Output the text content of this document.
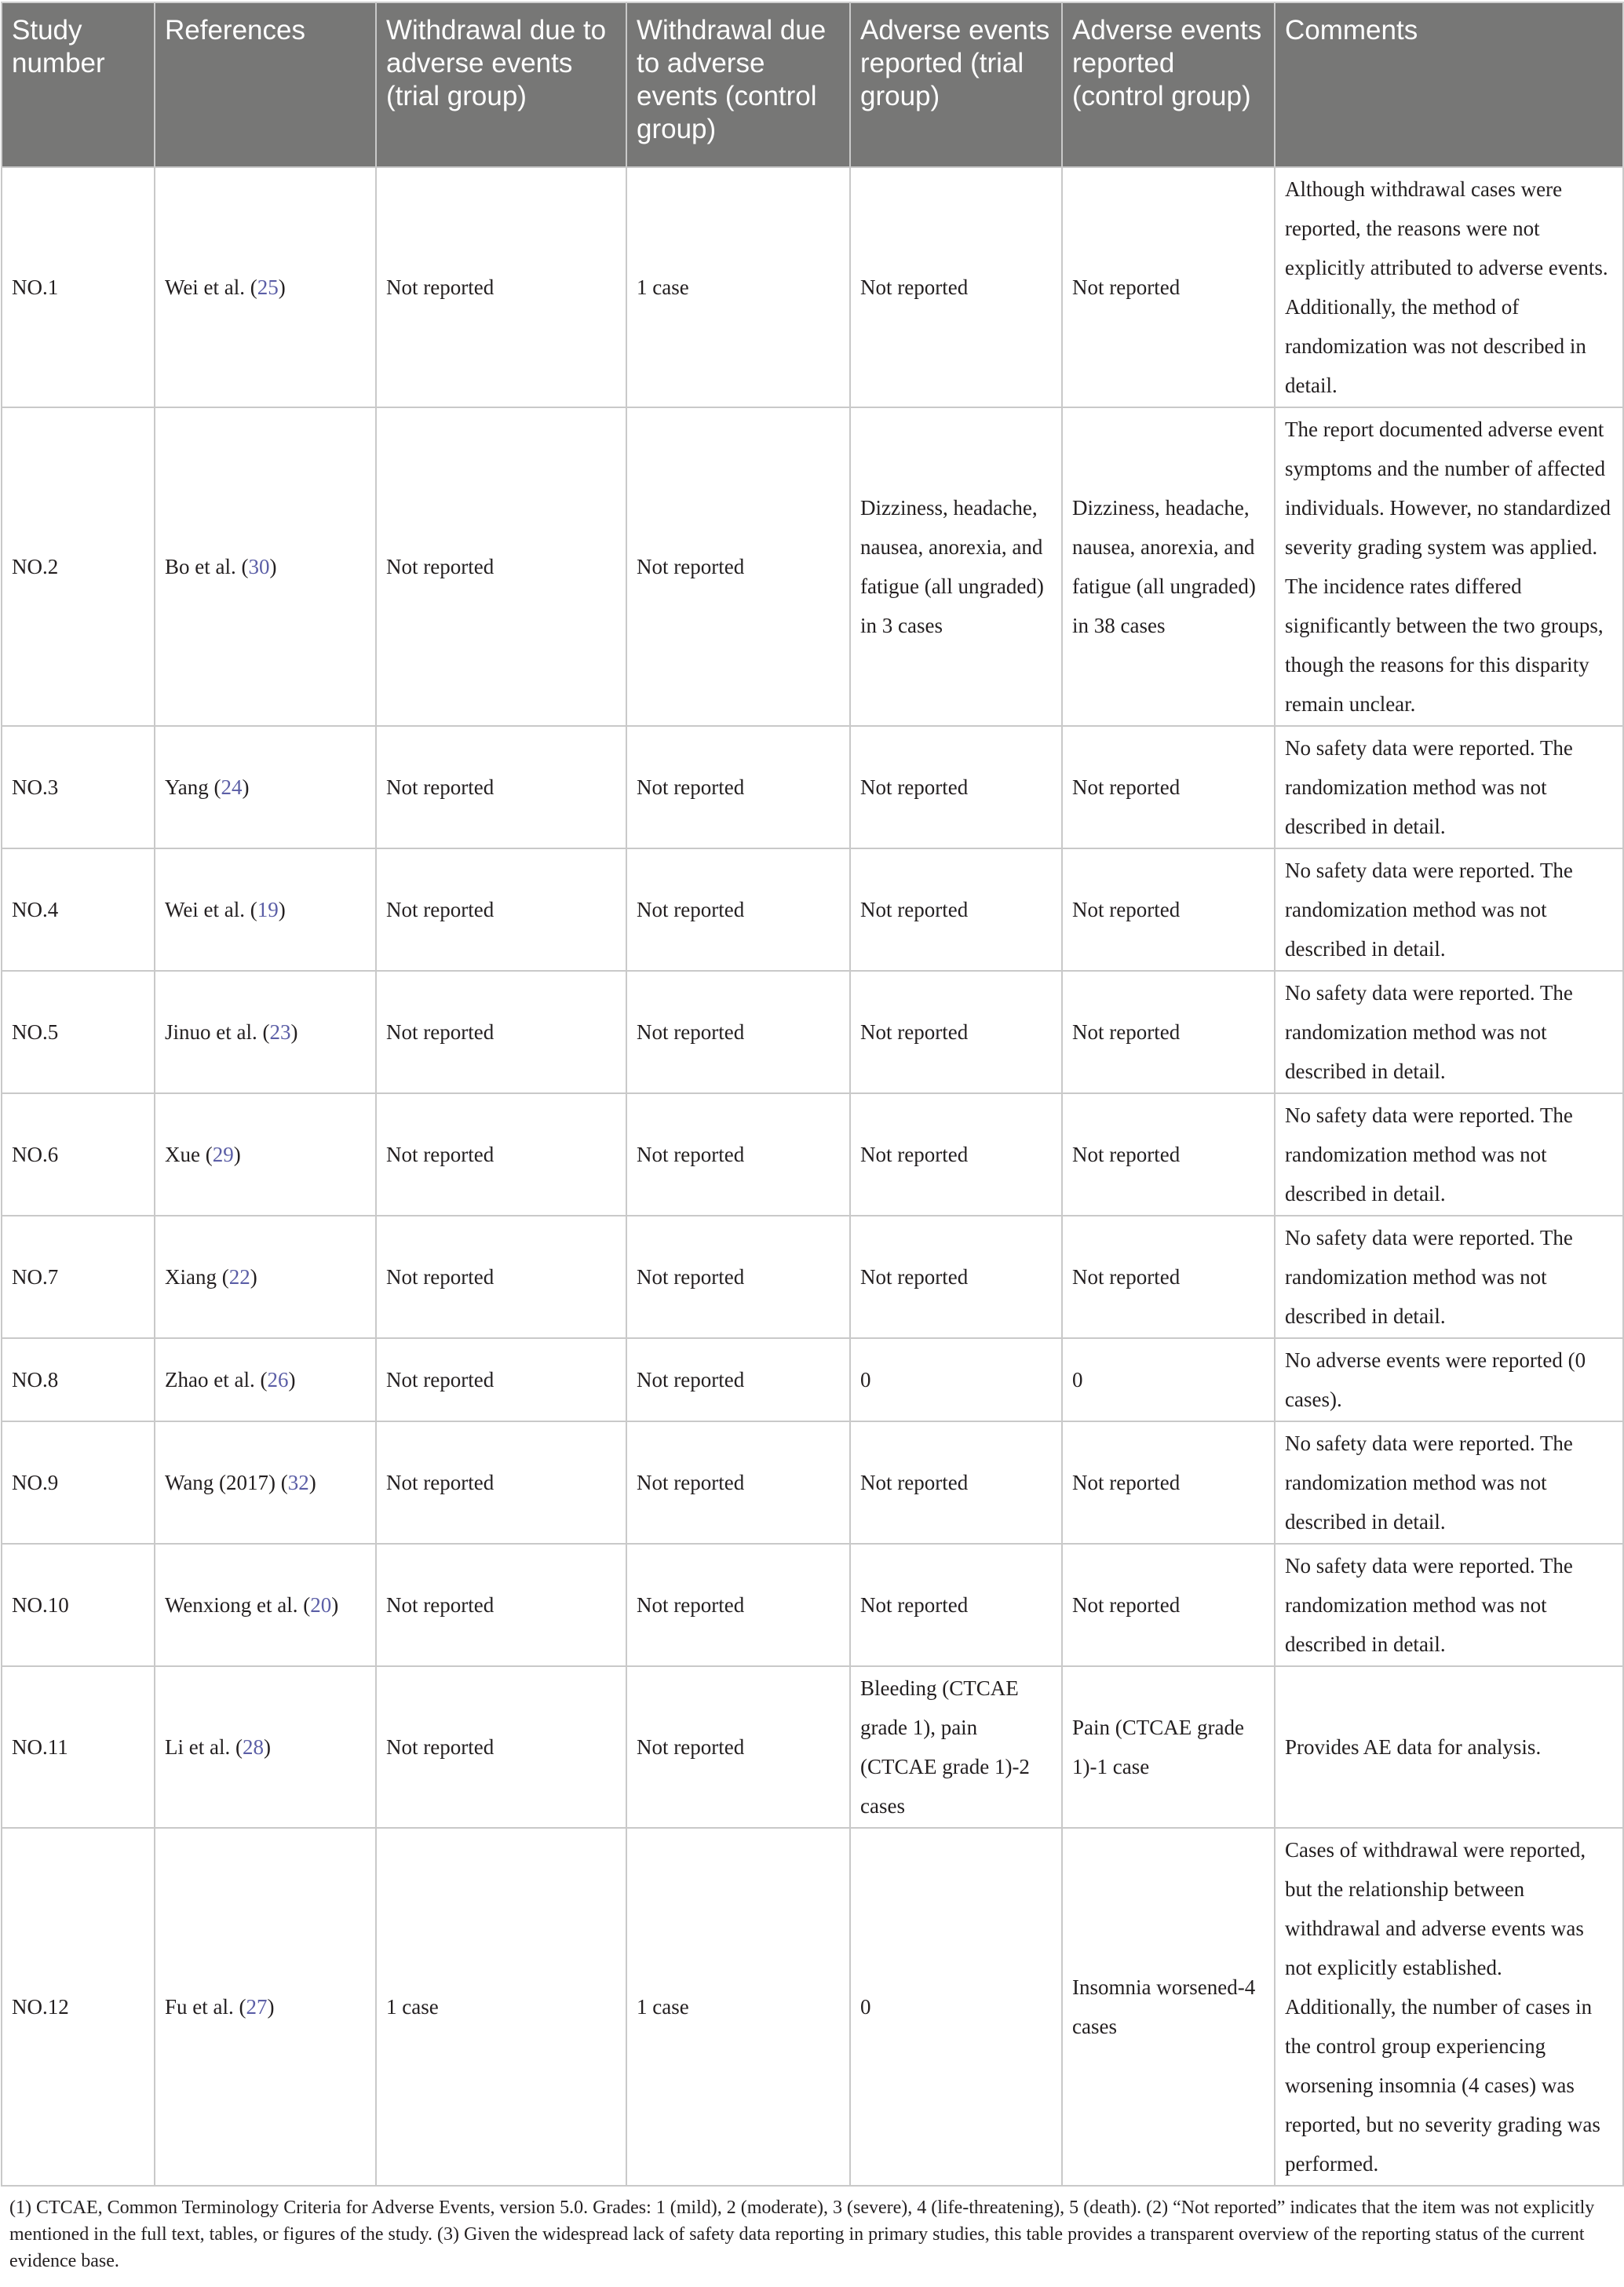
Study number	References	Withdrawal due to adverse events (trial group)	Withdrawal due to adverse events (control group)	Adverse events reported (trial group)	Adverse events reported (control group)	Comments
NO.1	Wei et al. (25)	Not reported	1 case	Not reported	Not reported	Although withdrawal cases were reported, the reasons were not explicitly attributed to adverse events. Additionally, the method of randomization was not described in detail.
NO.2	Bo et al. (30)	Not reported	Not reported	Dizziness, headache, nausea, anorexia, and fatigue (all ungraded) in 3 cases	Dizziness, headache, nausea, anorexia, and fatigue (all ungraded) in 38 cases	The report documented adverse event symptoms and the number of affected individuals. However, no standardized severity grading system was applied. The incidence rates differed significantly between the two groups, though the reasons for this disparity remain unclear.
NO.3	Yang (24)	Not reported	Not reported	Not reported	Not reported	No safety data were reported. The randomization method was not described in detail.
NO.4	Wei et al. (19)	Not reported	Not reported	Not reported	Not reported	No safety data were reported. The randomization method was not described in detail.
NO.5	Jinuo et al. (23)	Not reported	Not reported	Not reported	Not reported	No safety data were reported. The randomization method was not described in detail.
NO.6	Xue (29)	Not reported	Not reported	Not reported	Not reported	No safety data were reported. The randomization method was not described in detail.
NO.7	Xiang (22)	Not reported	Not reported	Not reported	Not reported	No safety data were reported. The randomization method was not described in detail.
NO.8	Zhao et al. (26)	Not reported	Not reported	0	0	No adverse events were reported (0 cases).
NO.9	Wang (2017) (32)	Not reported	Not reported	Not reported	Not reported	No safety data were reported. The randomization method was not described in detail.
NO.10	Wenxiong et al. (20)	Not reported	Not reported	Not reported	Not reported	No safety data were reported. The randomization method was not described in detail.
NO.11	Li et al. (28)	Not reported	Not reported	Bleeding (CTCAE grade 1), pain (CTCAE grade 1)-2 cases	Pain (CTCAE grade 1)-1 case	Provides AE data for analysis.
NO.12	Fu et al. (27)	1 case	1 case	0	Insomnia worsened-4 cases	Cases of withdrawal were reported, but the relationship between withdrawal and adverse events was not explicitly established. Additionally, the number of cases in the control group experiencing worsening insomnia (4 cases) was reported, but no severity grading was performed.
(1) CTCAE, Common Terminology Criteria for Adverse Events, version 5.0. Grades: 1 (mild), 2 (moderate), 3 (severe), 4 (life-threatening), 5 (death). (2) “Not reported” indicates that the item was not explicitly mentioned in the full text, tables, or figures of the study. (3) Given the widespread lack of safety data reporting in primary studies, this table provides a transparent overview of the reporting status of the current evidence base.
